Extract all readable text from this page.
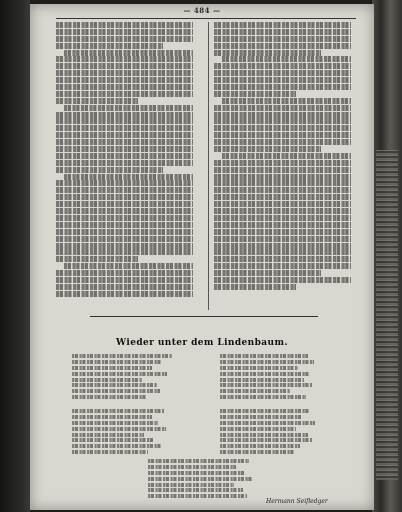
— 484 —
Wieder unter dem Lindenbaum.
Hermann Seifledger
